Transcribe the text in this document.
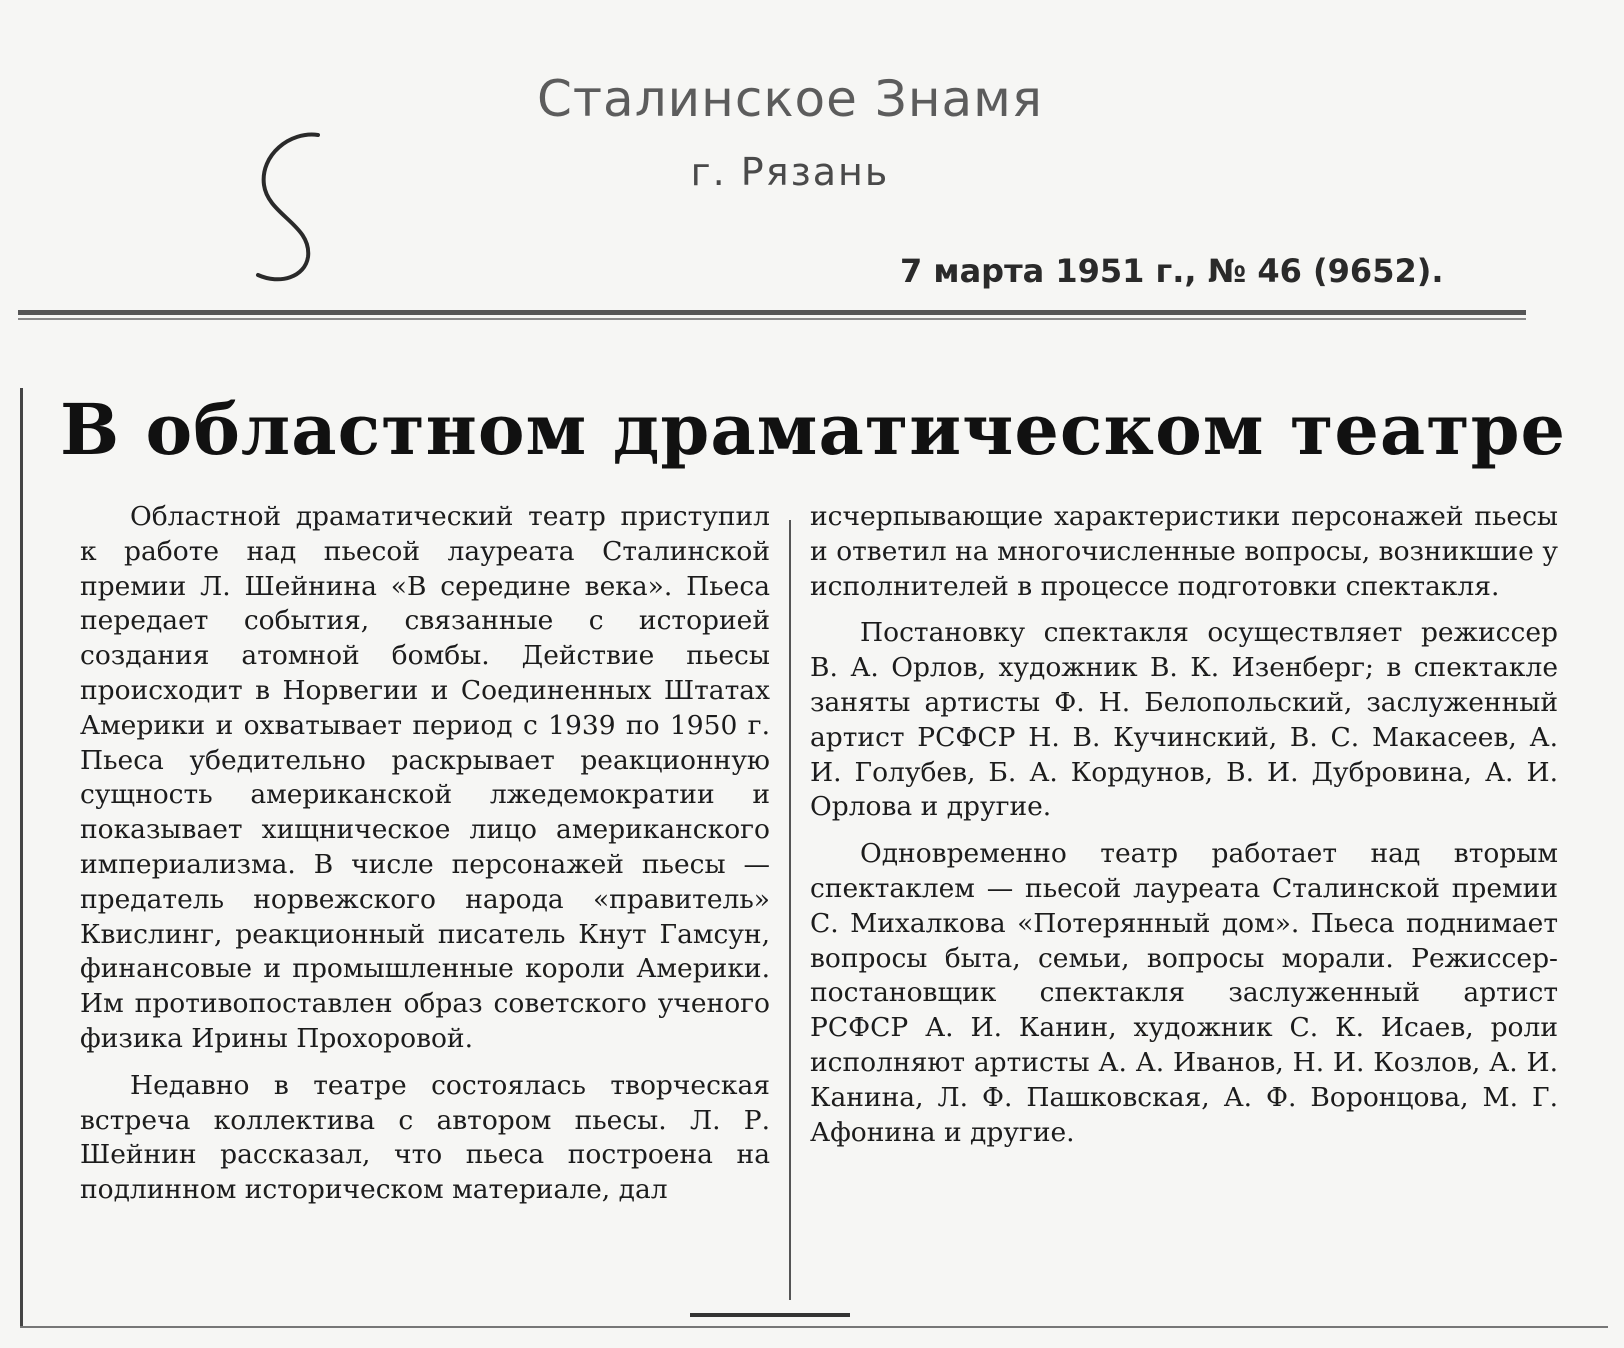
Сталинское Знамя
г. Рязань
7 марта 1951 г., № 46 (9652).
В областном драматическом театре

Областной драматический театр приступил к работе над пьесой лауреата Сталинской премии Л. Шейнина «В середине века». Пьеса передает события, связанные с историей создания атомной бомбы. Действие пьесы происходит в Норвегии и Соединенных Штатах Америки и охватывает период с 1939 по 1950 г. Пьеса убедительно раскрывает реакционную сущность американской лжедемократии и показывает хищническое лицо американского империализма. В числе персонажей пьесы — предатель норвежского народа «правитель» Квислинг, реакционный писатель Кнут Гамсун, финансовые и промышленные короли Америки. Им противопоставлен образ советского ученого физика Ирины Прохоровой.

Недавно в театре состоялась творческая встреча коллектива с автором пьесы. Л. Р. Шейнин рассказал, что пьеса построена на подлинном историческом материале, дал

исчерпывающие характеристики персонажей пьесы и ответил на многочисленные вопросы, возникшие у исполнителей в процессе подготовки спектакля.

Постановку спектакля осуществляет режиссер В. А. Орлов, художник В. К. Изенберг; в спектакле заняты артисты Ф. Н. Белопольский, заслуженный артист РСФСР Н. В. Кучинский, В. С. Макасеев, А. И. Голубев, Б. А. Кордунов, В. И. Дубровина, А. И. Орлова и другие.

Одновременно театр работает над вторым спектаклем — пьесой лауреата Сталинской премии С. Михалкова «Потерянный дом». Пьеса поднимает вопросы быта, семьи, вопросы морали. Режиссер-постановщик спектакля заслуженный артист РСФСР А. И. Канин, художник С. К. Исаев, роли исполняют артисты А. А. Иванов, Н. И. Козлов, А. И. Канина, Л. Ф. Пашковская, А. Ф. Воронцова, М. Г. Афонина и другие.
